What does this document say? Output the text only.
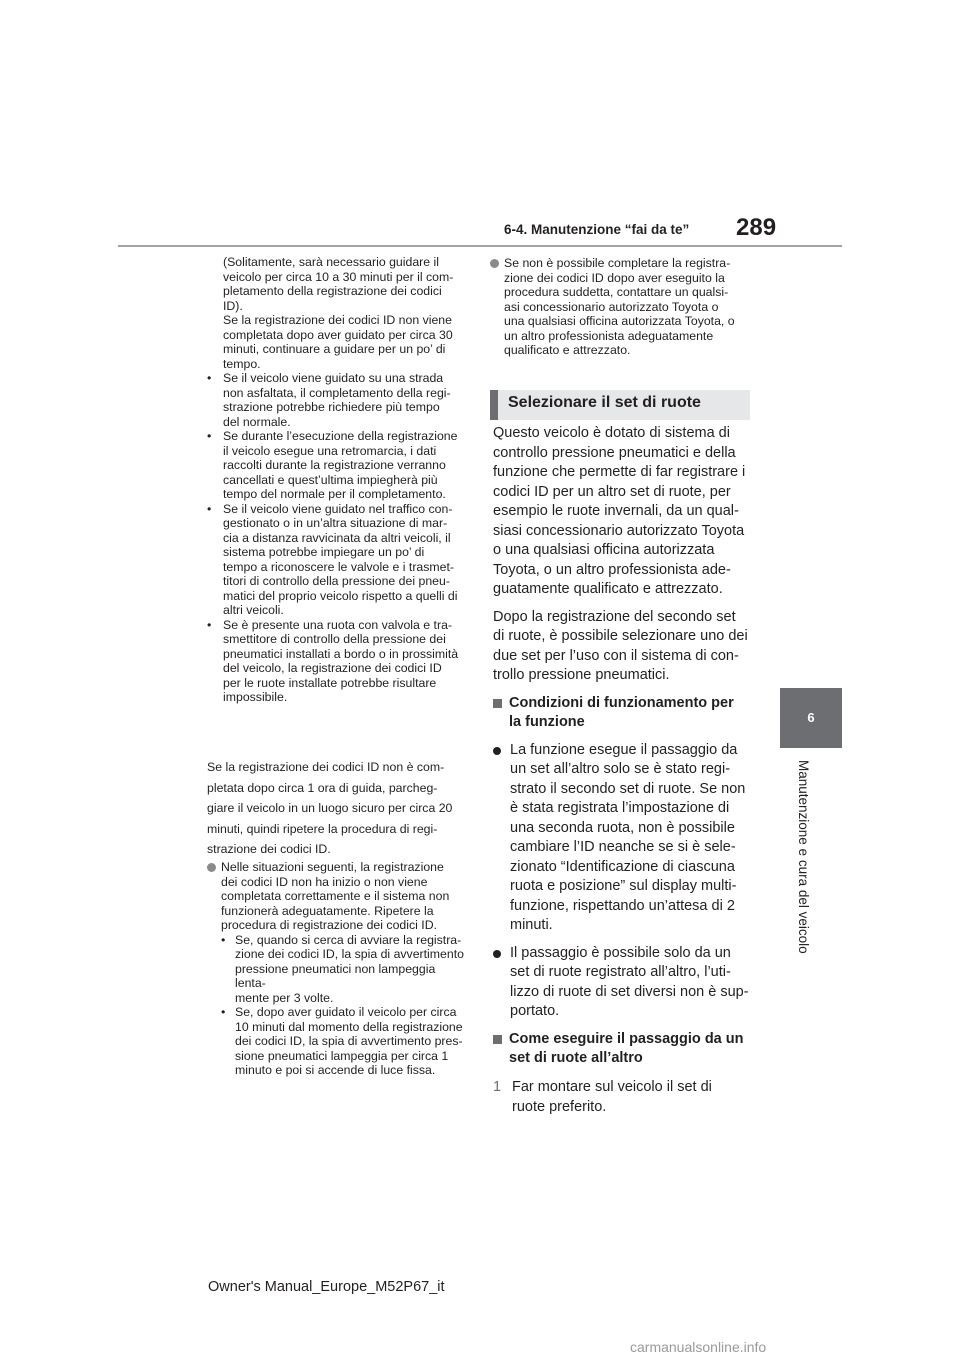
6-4. Manutenzione “fai da te” 289
6
Manutenzione e cura del veicolo
(Solitamente, sarà necessario guidare il
veicolo per circa 10 a 30 minuti per il com-
pletamento della registrazione dei codici
ID).
Se la registrazione dei codici ID non viene
completata dopo aver guidato per circa 30
minuti, continuare a guidare per un po’ di
tempo.
• Se il veicolo viene guidato su una strada
non asfaltata, il completamento della regi-
strazione potrebbe richiedere più tempo
del normale.
• Se durante l’esecuzione della registrazione
il veicolo esegue una retromarcia, i dati
raccolti durante la registrazione verranno
cancellati e quest’ultima impiegherà più
tempo del normale per il completamento.
• Se il veicolo viene guidato nel traffico con-
gestionato o in un’altra situazione di mar-
cia a distanza ravvicinata da altri veicoli, il
sistema potrebbe impiegare un po’ di
tempo a riconoscere le valvole e i trasmet-
titori di controllo della pressione dei pneu-
matici del proprio veicolo rispetto a quelli di
altri veicoli.
• Se è presente una ruota con valvola e tra-
smettitore di controllo della pressione dei
pneumatici installati a bordo o in prossimità
del veicolo, la registrazione dei codici ID
per le ruote installate potrebbe risultare
impossibile.
Se la registrazione dei codici ID non è com-
pletata dopo circa 1 ora di guida, parcheg-
giare il veicolo in un luogo sicuro per circa 20
minuti, quindi ripetere la procedura di regi-
strazione dei codici ID.
Nelle situazioni seguenti, la registrazione
dei codici ID non ha inizio o non viene
completata correttamente e il sistema non
funzionerà adeguatamente. Ripetere la
procedura di registrazione dei codici ID.
• Se, quando si cerca di avviare la registra-
zione dei codici ID, la spia di avvertimento
pressione pneumatici non lampeggia lenta-
mente per 3 volte.
• Se, dopo aver guidato il veicolo per circa
10 minuti dal momento della registrazione
dei codici ID, la spia di avvertimento pres-
sione pneumatici lampeggia per circa 1
minuto e poi si accende di luce fissa.
Se non è possibile completare la registra-
zione dei codici ID dopo aver eseguito la
procedura suddetta, contattare un qualsi-
asi concessionario autorizzato Toyota o
una qualsiasi officina autorizzata Toyota, o
un altro professionista adeguatamente
qualificato e attrezzato.
Selezionare il set di ruote

Questo veicolo è dotato di sistema di
controllo pressione pneumatici e della
funzione che permette di far registrare i
codici ID per un altro set di ruote, per
esempio le ruote invernali, da un qual-
siasi concessionario autorizzato Toyota
o una qualsiasi officina autorizzata
Toyota, o un altro professionista ade-
guatamente qualificato e attrezzato.

Dopo la registrazione del secondo set
di ruote, è possibile selezionare uno dei
due set per l’uso con il sistema di con-
trollo pressione pneumatici.

Condizioni di funzionamento per
la funzione

La funzione esegue il passaggio da
un set all’altro solo se è stato regi-
strato il secondo set di ruote. Se non
è stata registrata l’impostazione di
una seconda ruota, non è possibile
cambiare l’ID neanche se si è sele-
zionato “Identificazione di ciascuna
ruota e posizione” sul display multi-
funzione, rispettando un’attesa di 2
minuti.

Il passaggio è possibile solo da un
set di ruote registrato all’altro, l’uti-
lizzo di ruote di set diversi non è sup-
portato.

Come eseguire il passaggio da un
set di ruote all’altro

1 Far montare sul veicolo il set di
ruote preferito.

Owner's Manual_Europe_M52P67_it
carmanualsonline.info
